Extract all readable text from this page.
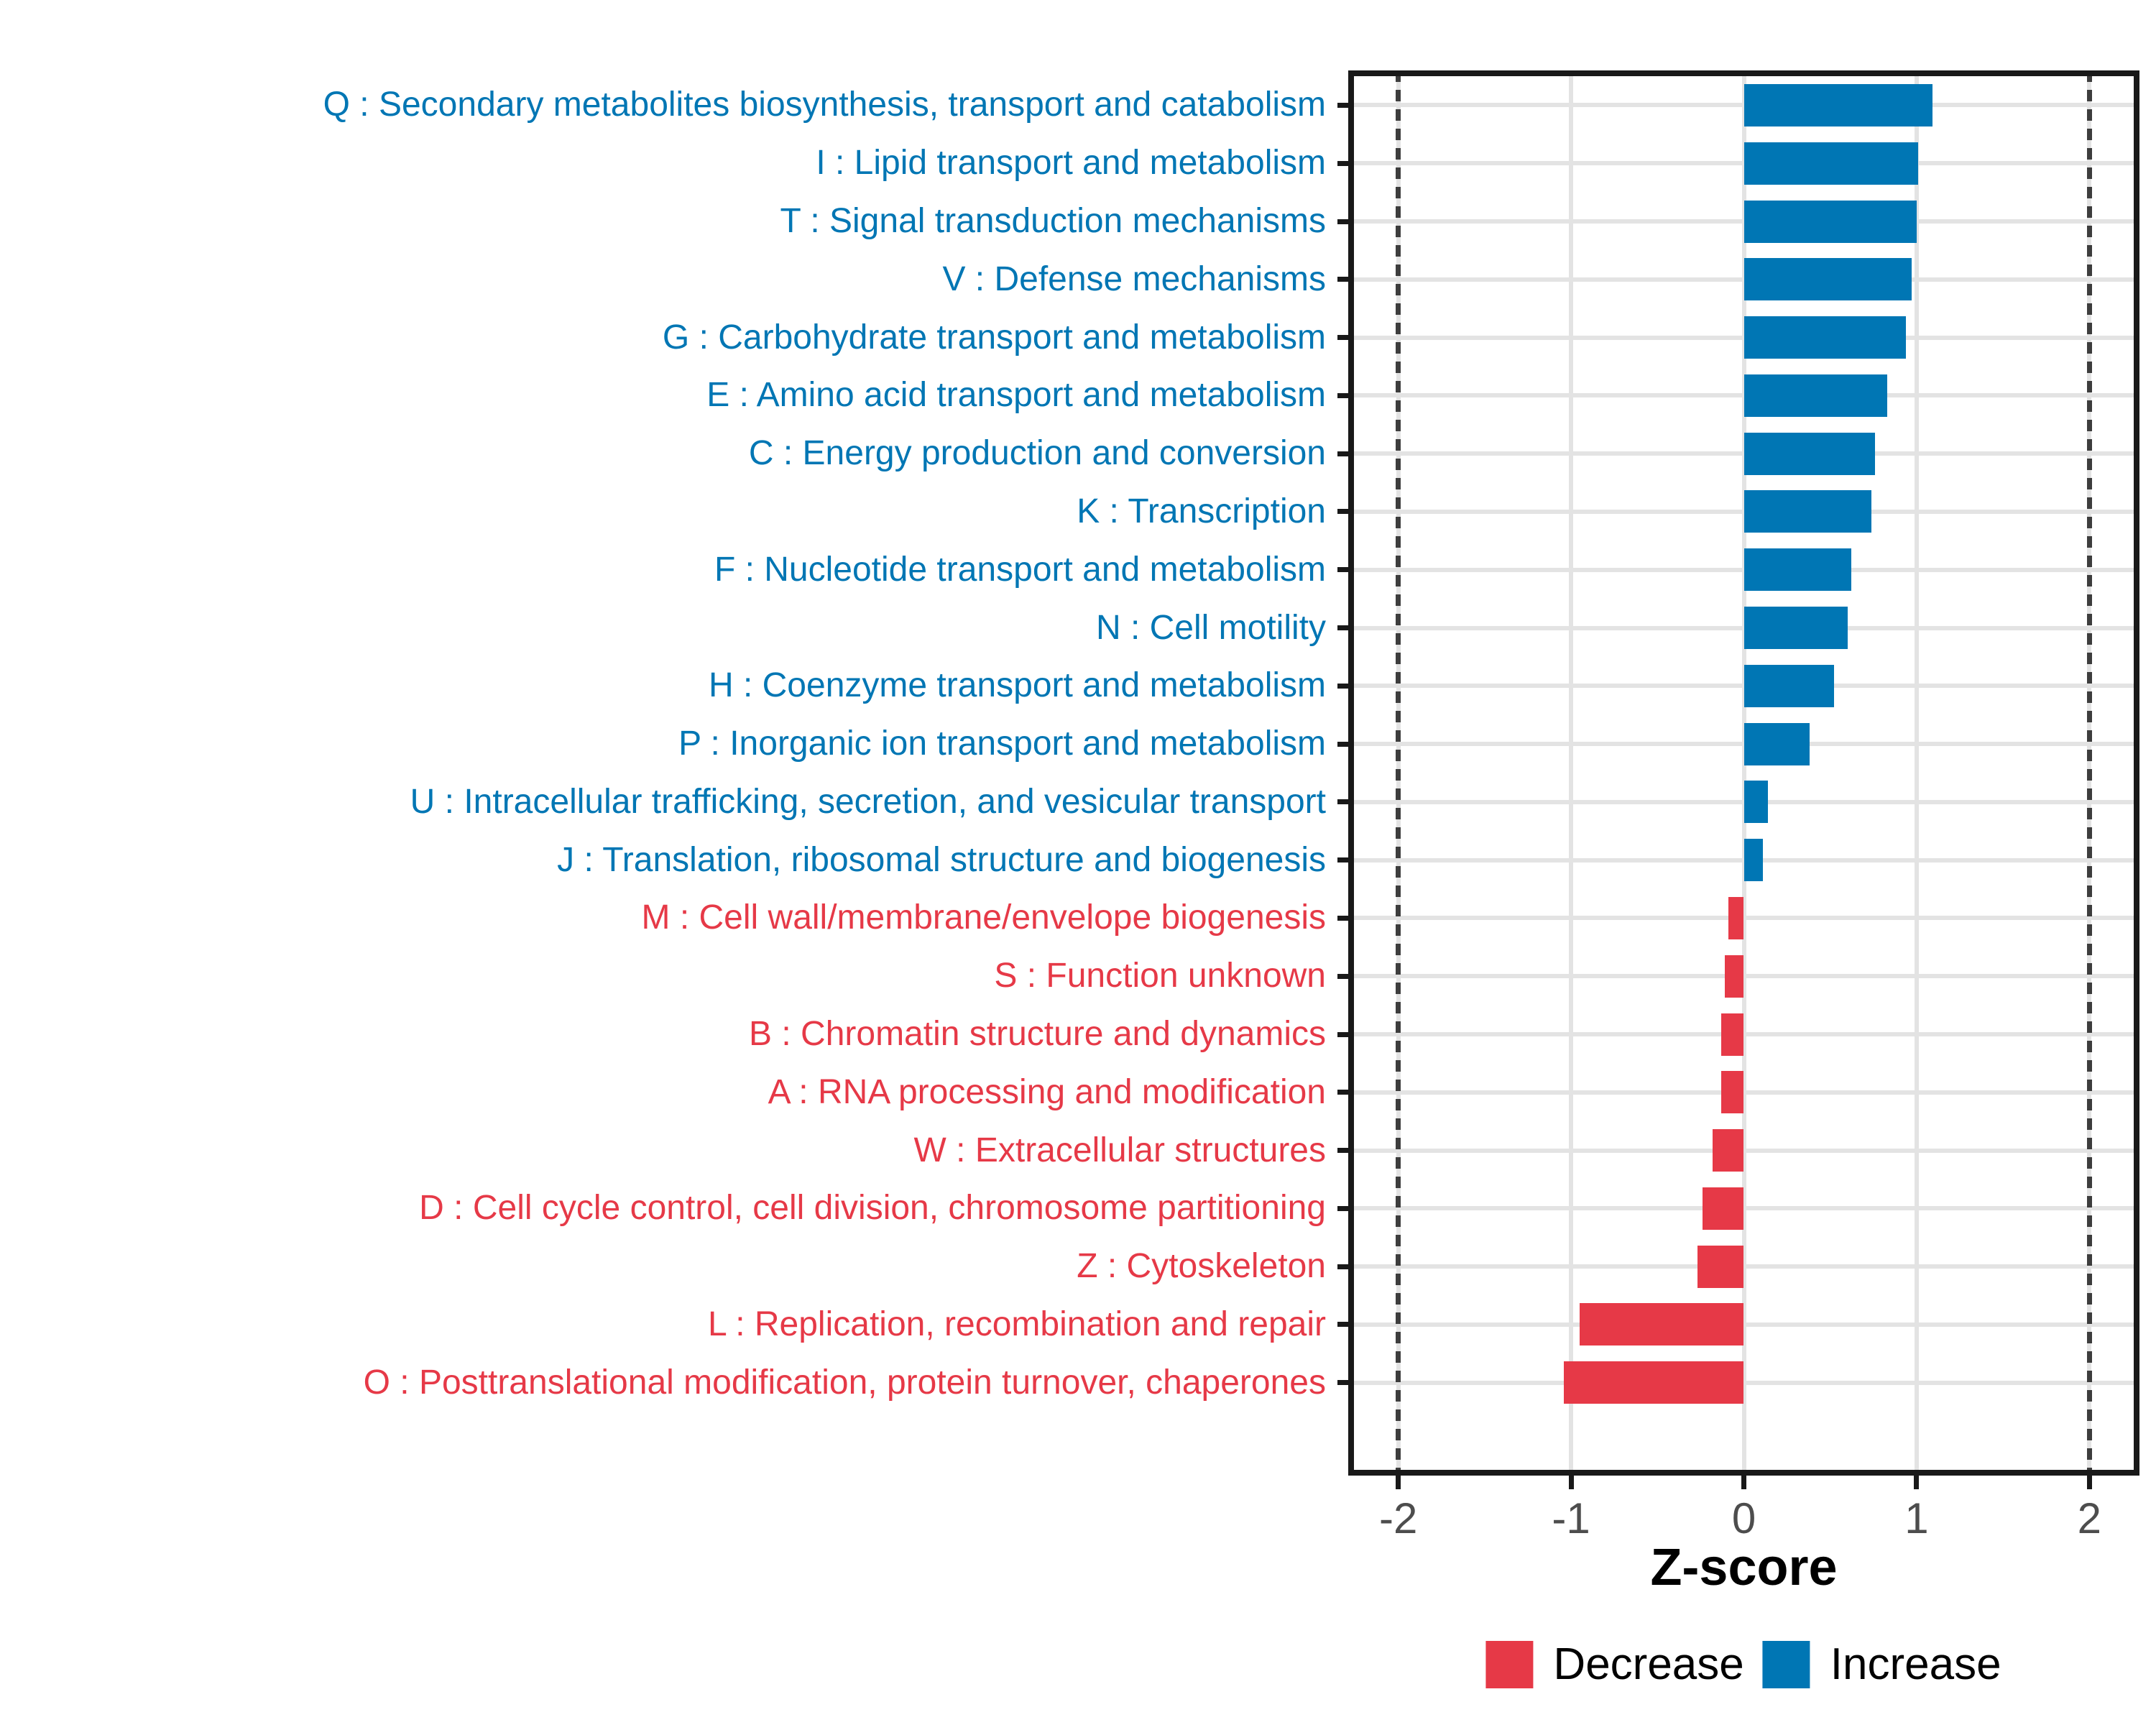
Q : Secondary metabolites biosynthesis, transport and catabolism
I : Lipid transport and metabolism
T : Signal transduction mechanisms
V : Defense mechanisms
G : Carbohydrate transport and metabolism
E : Amino acid transport and metabolism
C : Energy production and conversion
K : Transcription
F : Nucleotide transport and metabolism
N : Cell motility
H : Coenzyme transport and metabolism
P : Inorganic ion transport and metabolism
U : Intracellular trafficking, secretion, and vesicular transport
J : Translation, ribosomal structure and biogenesis
M : Cell wall/membrane/envelope biogenesis
S : Function unknown
B : Chromatin structure and dynamics
A : RNA processing and modification
W : Extracellular structures
D : Cell cycle control, cell division, chromosome partitioning
Z : Cytoskeleton
L : Replication, recombination and repair
O : Posttranslational modification, protein turnover, chaperones
-2	-1	0	1	2
Z-score
Decrease Increase
